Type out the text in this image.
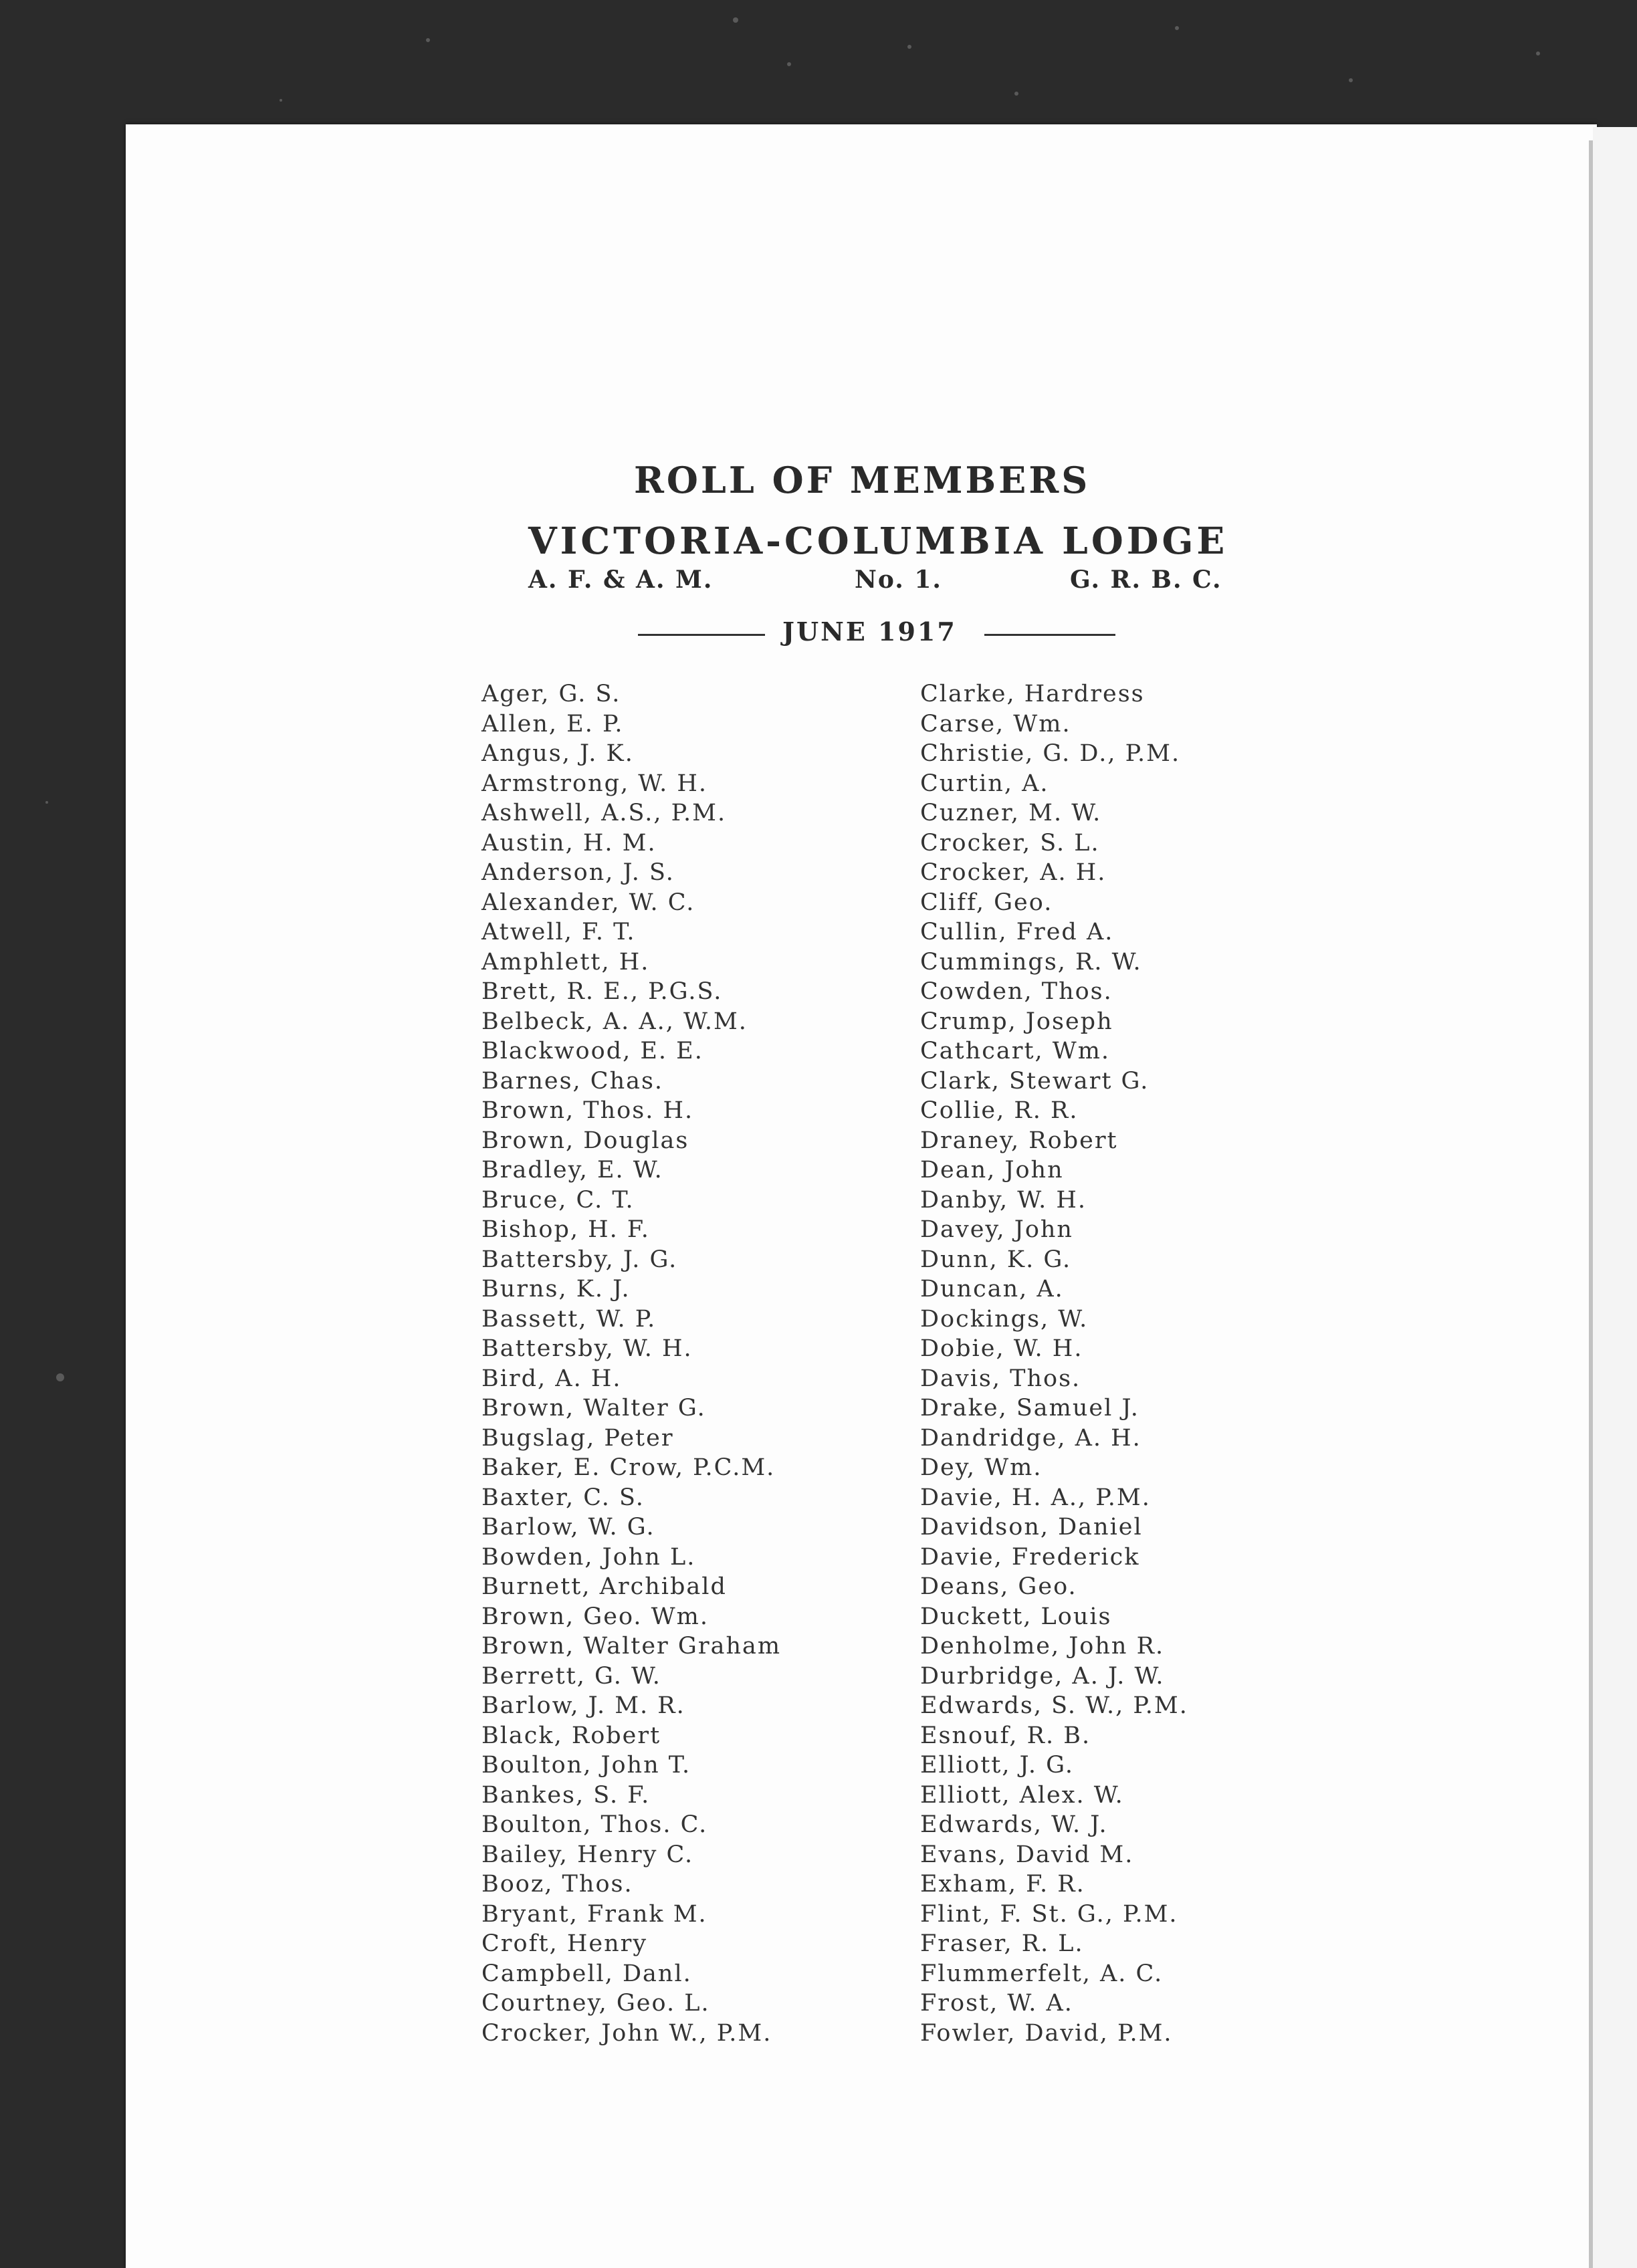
ROLL OF MEMBERS
VICTORIA-COLUMBIA LODGE
A. F. & A. M.	No. 1.	G. R. B. C.
JUNE 1917
Ager, G. S.
Allen, E. P.
Angus, J. K.
Armstrong, W. H.
Ashwell, A.S., P.M.
Austin, H. M.
Anderson, J. S.
Alexander, W. C.
Atwell, F. T.
Amphlett, H.
Brett, R. E., P.G.S.
Belbeck, A. A., W.M.
Blackwood, E. E.
Barnes, Chas.
Brown, Thos. H.
Brown, Douglas
Bradley, E. W.
Bruce, C. T.
Bishop, H. F.
Battersby, J. G.
Burns, K. J.
Bassett, W. P.
Battersby, W. H.
Bird, A. H.
Brown, Walter G.
Bugslag, Peter
Baker, E. Crow, P.C.M.
Baxter, C. S.
Barlow, W. G.
Bowden, John L.
Burnett, Archibald
Brown, Geo. Wm.
Brown, Walter Graham
Berrett, G. W.
Barlow, J. M. R.
Black, Robert
Boulton, John T.
Bankes, S. F.
Boulton, Thos. C.
Bailey, Henry C.
Booz, Thos.
Bryant, Frank M.
Croft, Henry
Campbell, Danl.
Courtney, Geo. L.
Crocker, John W., P.M.
Clarke, Hardress
Carse, Wm.
Christie, G. D., P.M.
Curtin, A.
Cuzner, M. W.
Crocker, S. L.
Crocker, A. H.
Cliff, Geo.
Cullin, Fred A.
Cummings, R. W.
Cowden, Thos.
Crump, Joseph
Cathcart, Wm.
Clark, Stewart G.
Collie, R. R.
Draney, Robert
Dean, John
Danby, W. H.
Davey, John
Dunn, K. G.
Duncan, A.
Dockings, W.
Dobie, W. H.
Davis, Thos.
Drake, Samuel J.
Dandridge, A. H.
Dey, Wm.
Davie, H. A., P.M.
Davidson, Daniel
Davie, Frederick
Deans, Geo.
Duckett, Louis
Denholme, John R.
Durbridge, A. J. W.
Edwards, S. W., P.M.
Esnouf, R. B.
Elliott, J. G.
Elliott, Alex. W.
Edwards, W. J.
Evans, David M.
Exham, F. R.
Flint, F. St. G., P.M.
Fraser, R. L.
Flummerfelt, A. C.
Frost, W. A.
Fowler, David, P.M.
